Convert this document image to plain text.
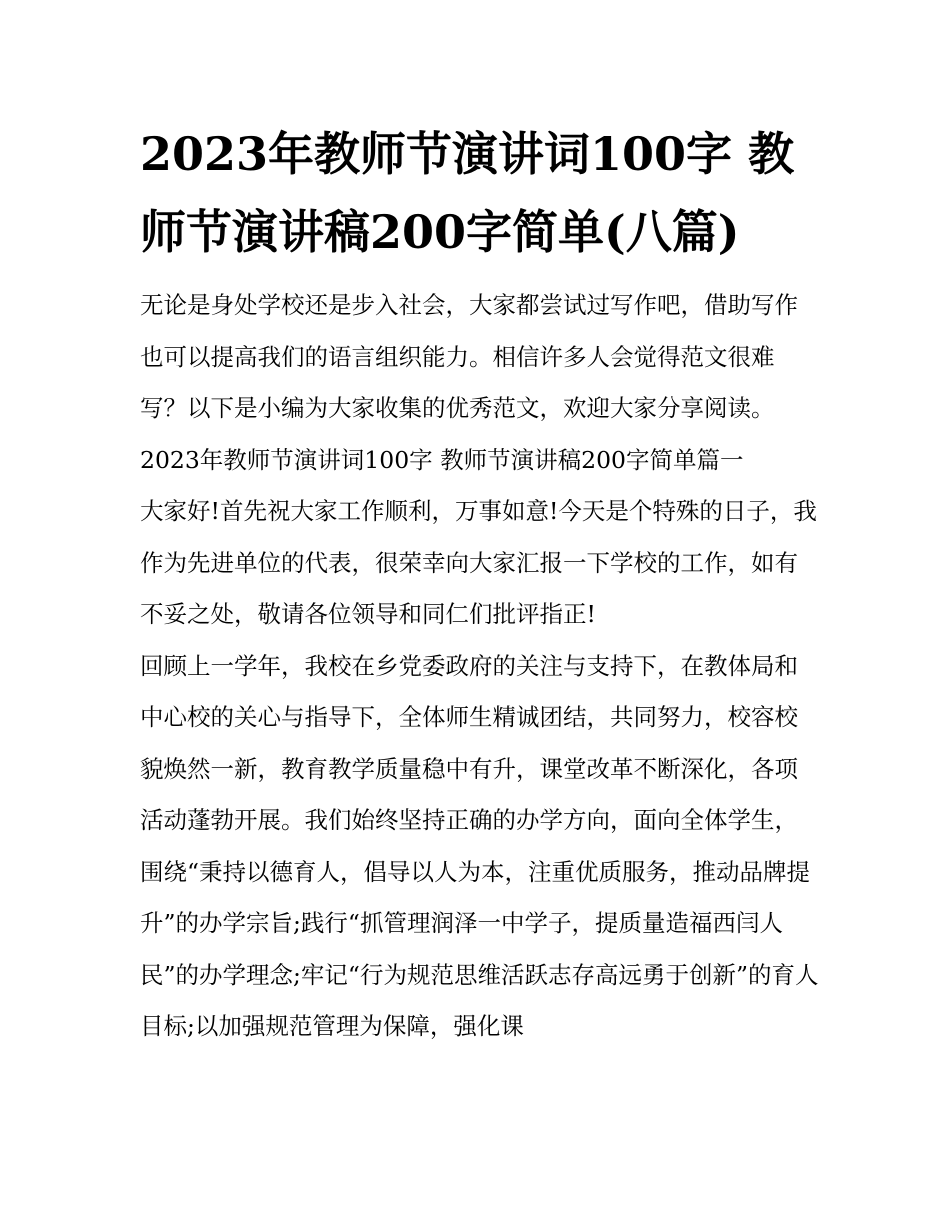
2023年教师节演讲词100字 教师节演讲稿200字简单(八篇)

无论是身处学校还是步入社会，大家都尝试过写作吧，借助写作也可以提高我们的语言组织能力。相信许多人会觉得范文很难写？以下是小编为大家收集的优秀范文，欢迎大家分享阅读。

2023年教师节演讲词100字 教师节演讲稿200字简单篇一

大家好!首先祝大家工作顺利，万事如意!今天是个特殊的日子，我作为先进单位的代表，很荣幸向大家汇报一下学校的工作，如有不妥之处，敬请各位领导和同仁们批评指正!

回顾上一学年，我校在乡党委政府的关注与支持下，在教体局和中心校的关心与指导下，全体师生精诚团结，共同努力，校容校貌焕然一新，教育教学质量稳中有升，课堂改革不断深化，各项活动蓬勃开展。我们始终坚持正确的办学方向，面向全体学生，围绕“秉持以德育人，倡导以人为本，注重优质服务，推动品牌提升”的办学宗旨;践行“抓管理润泽一中学子，提质量造福西闫人民”的办学理念;牢记“行为规范思维活跃志存高远勇于创新”的育人目标;以加强规范管理为保障，强化课
